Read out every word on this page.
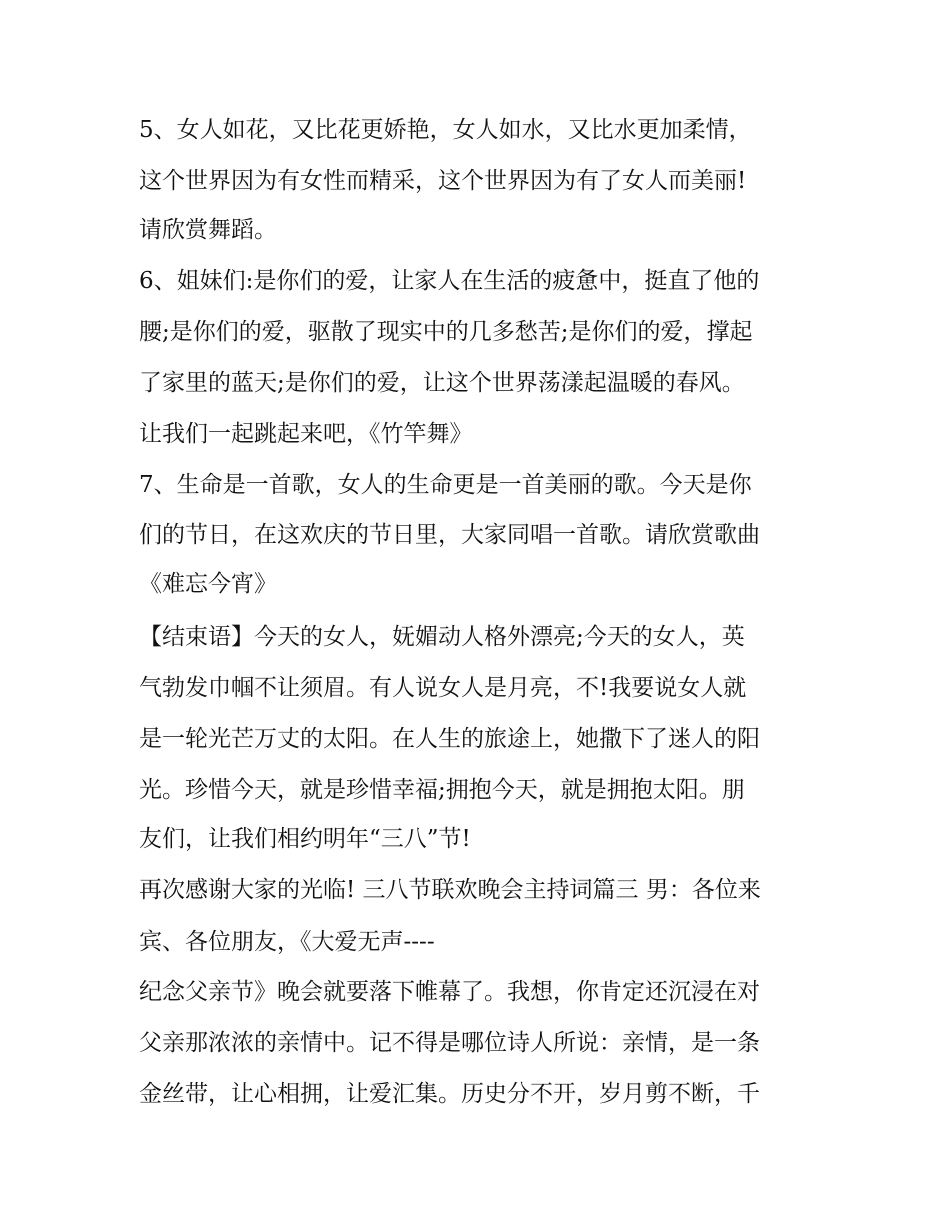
5、女人如花，又比花更娇艳，女人如水，又比水更加柔情，
这个世界因为有女性而精采，这个世界因为有了女人而美丽!
请欣赏舞蹈。
6、姐妹们:是你们的爱，让家人在生活的疲惫中，挺直了他的
腰;是你们的爱，驱散了现实中的几多愁苦;是你们的爱，撑起
了家里的蓝天;是你们的爱，让这个世界荡漾起温暖的春风。
让我们一起跳起来吧，《竹竿舞》
7、生命是一首歌，女人的生命更是一首美丽的歌。今天是你
们的节日，在这欢庆的节日里，大家同唱一首歌。请欣赏歌曲
《难忘今宵》
【结束语】今天的女人，妩媚动人格外漂亮;今天的女人，英
气勃发巾帼不让须眉。有人说女人是月亮，不!我要说女人就
是一轮光芒万丈的太阳。在人生的旅途上，她撒下了迷人的阳
光。珍惜今天，就是珍惜幸福;拥抱今天，就是拥抱太阳。朋
友们，让我们相约明年“三八”节!
再次感谢大家的光临! 三八节联欢晚会主持词篇三 男：各位来
宾、各位朋友，《大爱无声----
纪念父亲节》晚会就要落下帷幕了。我想，你肯定还沉浸在对
父亲那浓浓的亲情中。记不得是哪位诗人所说：亲情，是一条
金丝带，让心相拥，让爱汇集。历史分不开，岁月剪不断，千
